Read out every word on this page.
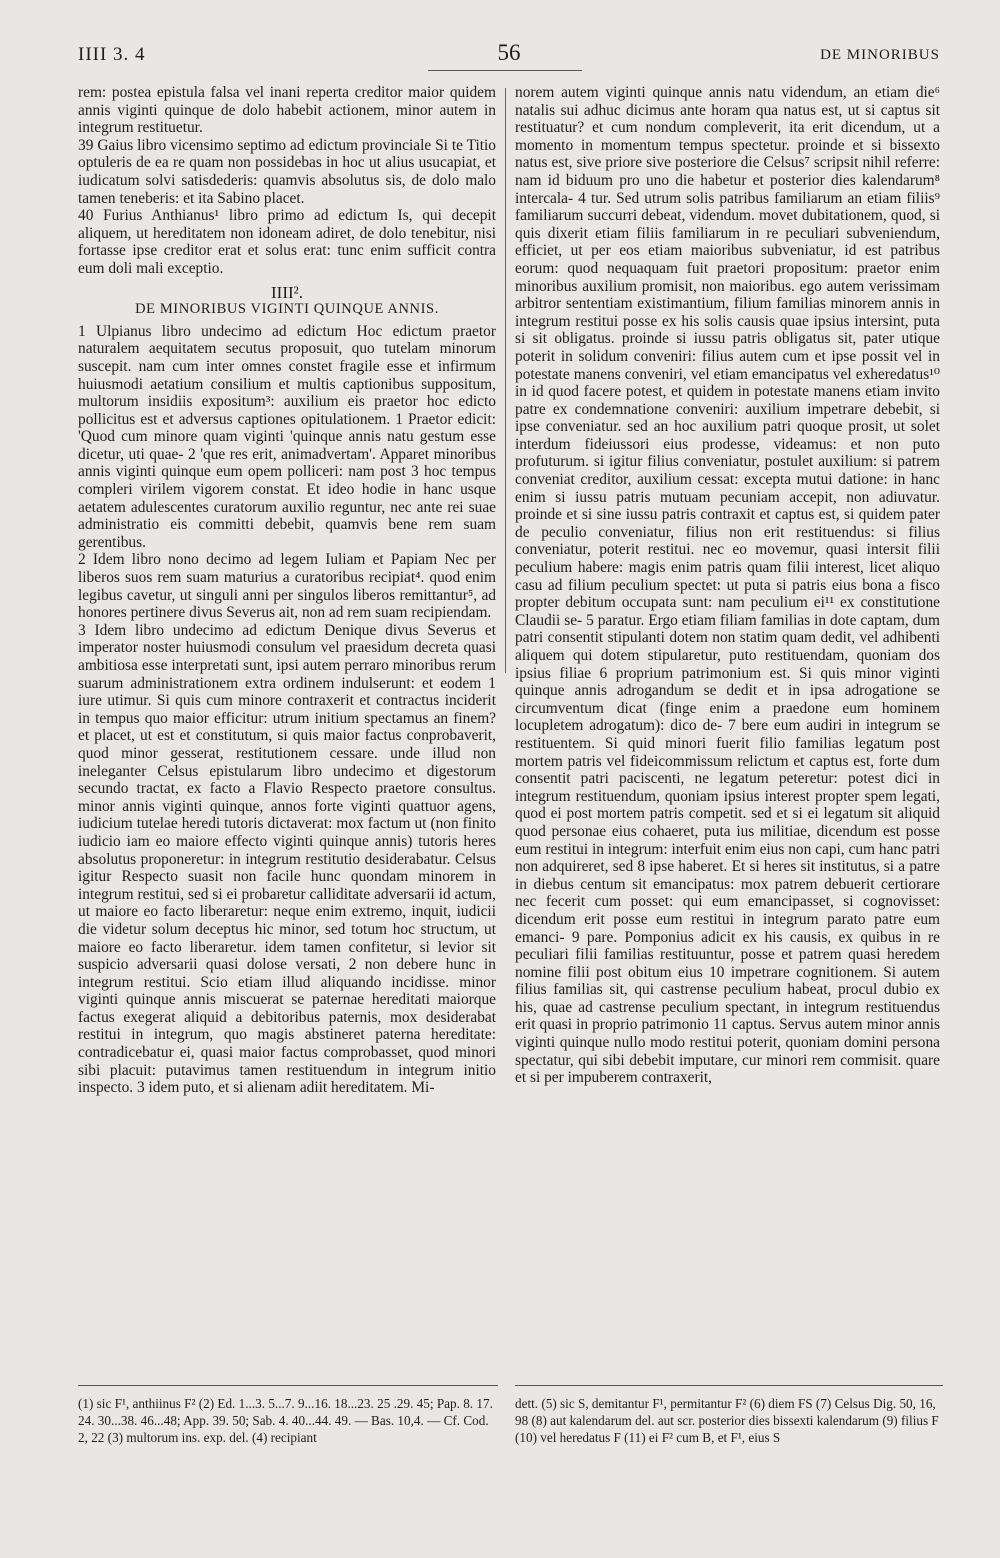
IIII 3. 4	56	DE MINORIBUS

rem: postea epistula falsa vel inani reperta creditor maior quidem annis viginti quinque de dolo habebit actionem, minor autem in integrum restituetur.

39 Gaius libro vicensimo septimo ad edictum provinciale Si te Titio optuleris de ea re quam non possidebas in hoc ut alius usucapiat, et iudicatum solvi satisdederis: quamvis absolutus sis, de dolo malo tamen teneberis: et ita Sabino placet.

40 Furius Anthianus¹ libro primo ad edictum Is, qui decepit aliquem, ut hereditatem non idoneam adiret, de dolo tenebitur, nisi fortasse ipse creditor erat et solus erat: tunc enim sufficit contra eum doli mali exceptio.

IIII².
DE MINORIBUS VIGINTI QUINQUE ANNIS.

1 Ulpianus libro undecimo ad edictum Hoc edictum praetor naturalem aequitatem secutus proposuit, quo tutelam minorum suscepit. nam cum inter omnes constet fragile esse et infirmum huiusmodi aetatium consilium et multis captionibus suppositum, multorum insidiis expositum³: auxilium eis praetor hoc edicto pollicitus est et adversus captiones opitulationem. 1 Praetor edicit: 'Quod cum minore quam viginti 'quinque annis natu gestum esse dicetur, uti quae- 2 'que res erit, animadvertam'. Apparet minoribus annis viginti quinque eum opem polliceri: nam post 3 hoc tempus compleri virilem vigorem constat. Et ideo hodie in hanc usque aetatem adulescentes curatorum auxilio reguntur, nec ante rei suae administratio eis committi debebit, quamvis bene rem suam gerentibus.

2 Idem libro nono decimo ad legem Iuliam et Papiam Nec per liberos suos rem suam maturius a curatoribus recipiat⁴. quod enim legibus cavetur, ut singuli anni per singulos liberos remittantur⁵, ad honores pertinere divus Severus ait, non ad rem suam recipiendam.

3 Idem libro undecimo ad edictum Denique divus Severus et imperator noster huiusmodi consulum vel praesidum decreta quasi ambitiosa esse interpretati sunt, ipsi autem perraro minoribus rerum suarum administrationem extra ordinem indulserunt: et eodem 1 iure utimur. Si quis cum minore contraxerit et contractus inciderit in tempus quo maior efficitur: utrum initium spectamus an finem? et placet, ut est et constitutum, si quis maior factus conprobaverit, quod minor gesserat, restitutionem cessare. unde illud non ineleganter Celsus epistularum libro undecimo et digestorum secundo tractat, ex facto a Flavio Respecto praetore consultus. minor annis viginti quinque, annos forte viginti quattuor agens, iudicium tutelae heredi tutoris dictaverat: mox factum ut (non finito iudicio iam eo maiore effecto viginti quinque annis) tutoris heres absolutus proponeretur: in integrum restitutio desiderabatur. Celsus igitur Respecto suasit non facile hunc quondam minorem in integrum restitui, sed si ei probaretur calliditate adversarii id actum, ut maiore eo facto liberaretur: neque enim extremo, inquit, iudicii die videtur solum deceptus hic minor, sed totum hoc structum, ut maiore eo facto liberaretur. idem tamen confitetur, si levior sit suspicio adversarii quasi dolose versati, 2 non debere hunc in integrum restitui. Scio etiam illud aliquando incidisse. minor viginti quinque annis miscuerat se paternae hereditati maiorque factus exegerat aliquid a debitoribus paternis, mox desiderabat restitui in integrum, quo magis abstineret paterna hereditate: contradicebatur ei, quasi maior factus comprobasset, quod minori sibi placuit: putavimus tamen restituendum in integrum initio inspecto. 3 idem puto, et si alienam adiit hereditatem. Mi-

norem autem viginti quinque annis natu videndum, an etiam die⁶ natalis sui adhuc dicimus ante horam qua natus est, ut si captus sit restituatur? et cum nondum compleverit, ita erit dicendum, ut a momento in momentum tempus spectetur. proinde et si bissexto natus est, sive priore sive posteriore die Celsus⁷ scripsit nihil referre: nam id biduum pro uno die habetur et posterior dies kalendarum⁸ intercala- 4 tur. Sed utrum solis patribus familiarum an etiam filiis⁹ familiarum succurri debeat, videndum. movet dubitationem, quod, si quis dixerit etiam filiis familiarum in re peculiari subveniendum, efficiet, ut per eos etiam maioribus subveniatur, id est patribus eorum: quod nequaquam fuit praetori propositum: praetor enim minoribus auxilium promisit, non maioribus. ego autem verissimam arbitror sententiam existimantium, filium familias minorem annis in integrum restitui posse ex his solis causis quae ipsius intersint, puta si sit obligatus. proinde si iussu patris obligatus sit, pater utique poterit in solidum conveniri: filius autem cum et ipse possit vel in potestate manens conveniri, vel etiam emancipatus vel exheredatus¹⁰ in id quod facere potest, et quidem in potestate manens etiam invito patre ex condemnatione conveniri: auxilium impetrare debebit, si ipse conveniatur. sed an hoc auxilium patri quoque prosit, ut solet interdum fideiussori eius prodesse, videamus: et non puto profuturum. si igitur filius conveniatur, postulet auxilium: si patrem conveniat creditor, auxilium cessat: excepta mutui datione: in hanc enim si iussu patris mutuam pecuniam accepit, non adiuvatur. proinde et si sine iussu patris contraxit et captus est, si quidem pater de peculio conveniatur, filius non erit restituendus: si filius conveniatur, poterit restitui. nec eo movemur, quasi intersit filii peculium habere: magis enim patris quam filii interest, licet aliquo casu ad filium peculium spectet: ut puta si patris eius bona a fisco propter debitum occupata sunt: nam peculium ei¹¹ ex constitutione Claudii se- 5 paratur. Ergo etiam filiam familias in dote captam, dum patri consentit stipulanti dotem non statim quam dedit, vel adhibenti aliquem qui dotem stipularetur, puto restituendam, quoniam dos ipsius filiae 6 proprium patrimonium est. Si quis minor viginti quinque annis adrogandum se dedit et in ipsa adrogatione se circumventum dicat (finge enim a praedone eum hominem locupletem adrogatum): dico de- 7 bere eum audiri in integrum se restituentem. Si quid minori fuerit filio familias legatum post mortem patris vel fideicommissum relictum et captus est, forte dum consentit patri paciscenti, ne legatum peteretur: potest dici in integrum restituendum, quoniam ipsius interest propter spem legati, quod ei post mortem patris competit. sed et si ei legatum sit aliquid quod personae eius cohaeret, puta ius militiae, dicendum est posse eum restitui in integrum: interfuit enim eius non capi, cum hanc patri non adquireret, sed 8 ipse haberet. Et si heres sit institutus, si a patre in diebus centum sit emancipatus: mox patrem debuerit certiorare nec fecerit cum posset: qui eum emancipasset, si cognovisset: dicendum erit posse eum restitui in integrum parato patre eum emanci- 9 pare. Pomponius adicit ex his causis, ex quibus in re peculiari filii familias restituuntur, posse et patrem quasi heredem nomine filii post obitum eius 10 impetrare cognitionem. Si autem filius familias sit, qui castrense peculium habeat, procul dubio ex his, quae ad castrense peculium spectant, in integrum restituendus erit quasi in proprio patrimonio 11 captus. Servus autem minor annis viginti quinque nullo modo restitui poterit, quoniam domini persona spectatur, qui sibi debebit imputare, cur minori rem commisit. quare et si per impuberem contraxerit,

(1) sic F¹, anthiinus F² (2) Ed. 1...3. 5...7. 9...16. 18...23. 25 .29. 45; Pap. 8. 17. 24. 30...38. 46...48; App. 39. 50; Sab. 4. 40...44. 49. — Bas. 10,4. — Cf. Cod. 2, 22 (3) multorum ins. exp. del. (4) recipiant
dett. (5) sic S, demitantur F¹, permitantur F² (6) diem FS (7) Celsus Dig. 50, 16, 98 (8) aut kalendarum del. aut scr. posterior dies bissexti kalendarum (9) filius F (10) vel heredatus F (11) ei F² cum B, et F¹, eius S
